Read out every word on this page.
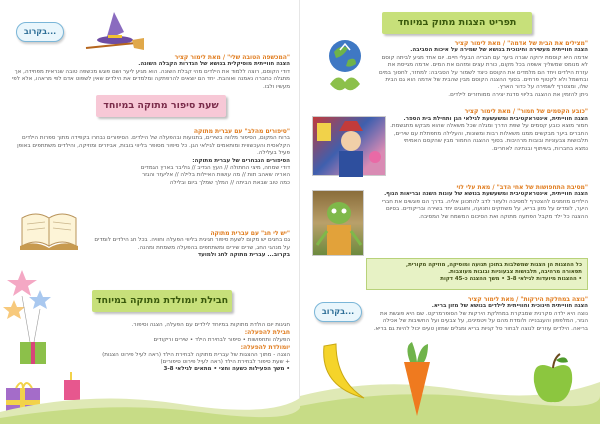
בקרוב...
"המכשפה הטובה שלי" / מאת לימור קציר
הצגה חווייתית מוסיקלית בנושא של הגדרות הקבלה השונה.
דודי הקוסם, רוצה ללמוד את הילדים מהי קבלת השונה. הוא מגיע ליער ושם פוגש מכשפה טובה שנראית מפחידה, אך מתגלה כחברה נאמנה ואוהבת. יחד הם יוצאים להרפתקה ומלמדים את הילדים שאין לשפוט אדם לפי מראהו, אלא לפי מעשיו ולבו.
שעת סיפור מתוקה במיוחד
"סיפורים מהלב" עם עברית מתוקה
ברוח המקום, הסיפור מלווה בשירים, בתנועות ובהפעלה של הילדים. הסיפורים נבחרו בקפידה מתוך ספרות הילדים הקלאסית והעכשווית ומותאמים לגילאי הגן. כל סיפור מסופר בליווי בובות, אביזרים ומוזיקה, והילדים משתתפים באופן פעיל בעלילה.
הסיפורים הנבחרים של עברית מתוקה:
דודי שמחה, מיצי החתולה // העץ הנדיב // גוליבר בארץ הגמדים
האריה שאהב תות // מה עושות האיילות בלילה // אליעזר והגזר
כמה טוב שבאת הביתה // המלך שמלך ביום ובלילה
"יש לי חג" עם עברית מתוקה
גם בחגים יש מקום לשעת סיפור חגיגית בליווי הפעלה וחוויה. בכל חג הילדים לומדים על מנהגי החג, שרים שירים ומשתתפים בהפעלה משמחת ומהנה.
בקרוב... עברית מתוקה לחג ולמועד
חבילת יומולדת מתוקה במיוחד
חגיגות יום הולדת מתוקות במיוחד לילדים עם הפעלה, הצגה וסיפור.
חבילת להפעלה:
הפעלה ותחפושות • סיפור לבחירת הילד • שירים וריקודים
יומולדת להפעלה:
הצגה - מתוך ההצגות של עברית מתוקה לבחירת הילד (ראה לעיל פירוט הצגות)
+ שעת סיפור לבחירת הילד (ראה לעיל פירוט סיפורים)
• משך הפעילות כשעה וחצי • מתאים לגילאי 3-8
תפריט הצגות מתוק במיוחד
"מצילים את הבית של אדמה" / מאת לימור קציר
הצגה חווייתית מעשירה וחינוכית בנושא של שמירה על איכות הסביבה.
אדמה היא קוסמת ירוקה שגרה ביער עם חבריה הבעלי חיים. יום אחד מגיע לביתה קוסם לא מנומס שמשליך אשפה בכל מקום, כורת עצים ומזהם את המים. אדמה מגייסת את עזרת הילדים ויחד הם מלמדים את הקוסם כיצד לשמור על הסביבה: למחזר, לחסוך במים ובחשמל ולא לקטוף פרחים. בסוף ההצגה הקוסם מבין שהבית של אדמה הוא גם הבית שלו, ומצטרף לשמירה על כדור הארץ.
ניתן להזמין את ההצגה בליווי סדנת יצירה ממוחזרים לילדים.
"כובע הקסמים של חמור" / מאת לימור קציר
הצגה חווייתית, אינטראקטיבית ומשעשעת לגילאי הגן ותחילת בית הספר.
חמור מוצא כובע קסמים על שפת הדרך ומגלה שכל משאלה שהוא מבקש מתגשמת. החברים ביער מבקשים ממנו משאלות רבות ומשונות, והעלילה מתפתלת עם שירים, תלבושות צבעוניות ובובות מרהיבות. בסוף ההצגה החמור מבין שהקסם האמיתי נמצא בחברות, בשיתוף ובנתינה לאחרים.
"מסיבת התחפושות של אחי הדב" / מאת עלי לוי
הצגה חווייתית, אינטראקטיבית ומשעשעת בנושא של עונות השנה ובריאות הגוף.
הילדים מוזמנים להצטרף למסיבה ולעזור לדב להתכונן אליה. בדרך הם פוגשים את חברי היער, לומדים על מזון בריא, על משחקים ותנועה, וחוגגים יחד בשירה ובריקודים. בסיום ההצגה כל ילד מקבל הפתעה מתוקה ואת הסיכום המשמח של המסיבה.
כל ההצגות הן הצגות שמשלבות בתוכן תנועה ומוסיקה, מוזיקה מקורית,
תפאורה מרהיבה, תלבושות צבעוניות ובובות מעוצבות.
• ההצגות מיועדות לגילאי 3-8 • משך ההצגה כ-45 דקות
בקרוב...
"נוצה במחלקת הירקות" / מאת לימור קציר
הצגה חווייתית חינוכית וחווייתית לילדים בנושא של מזון בריא.
נוצה היא ילדה סקרנית שמבקרת במחלקת הירקות של הסופרמרקט. שם היא פוגשת את הגזר, המלפפון והעגבנייה ולומדת מהם על ויטמינים, על צבעים ועל החשיבות של אכילה בריאה. הילדים עוזרים לנוצה לבחור סל קניות בריא ומגלים שמזון טעים יכול להיות גם בריא.
